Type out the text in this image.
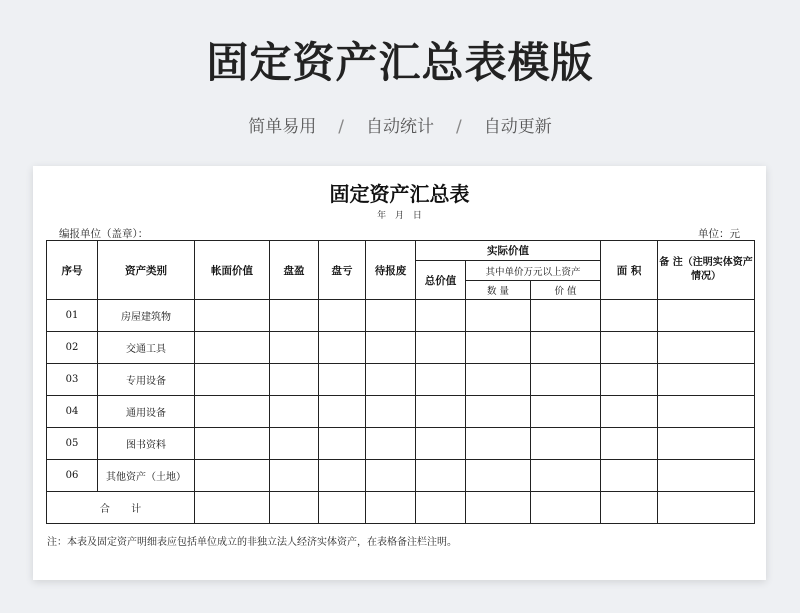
固定资产汇总表模版
简单易用 / 自动统计 / 自动更新
固定资产汇总表
年 月 日
编报单位（盖章）：	单位：元
序号	资产类别	帐面价值	盘盈	盘亏	待报废	实际价值			面 积	备 注（注明实体资产情况）
						总价值	其中单价万元以上资产			
							数 量	价 值		
01	房屋建筑物									
02	交通工具									
03	专用设备									
04	通用设备									
05	图书资料									
06	其他资产（土地）									
合 计										
注：本表及固定资产明细表应包括单位成立的非独立法人经济实体资产，在表格备注栏注明。
